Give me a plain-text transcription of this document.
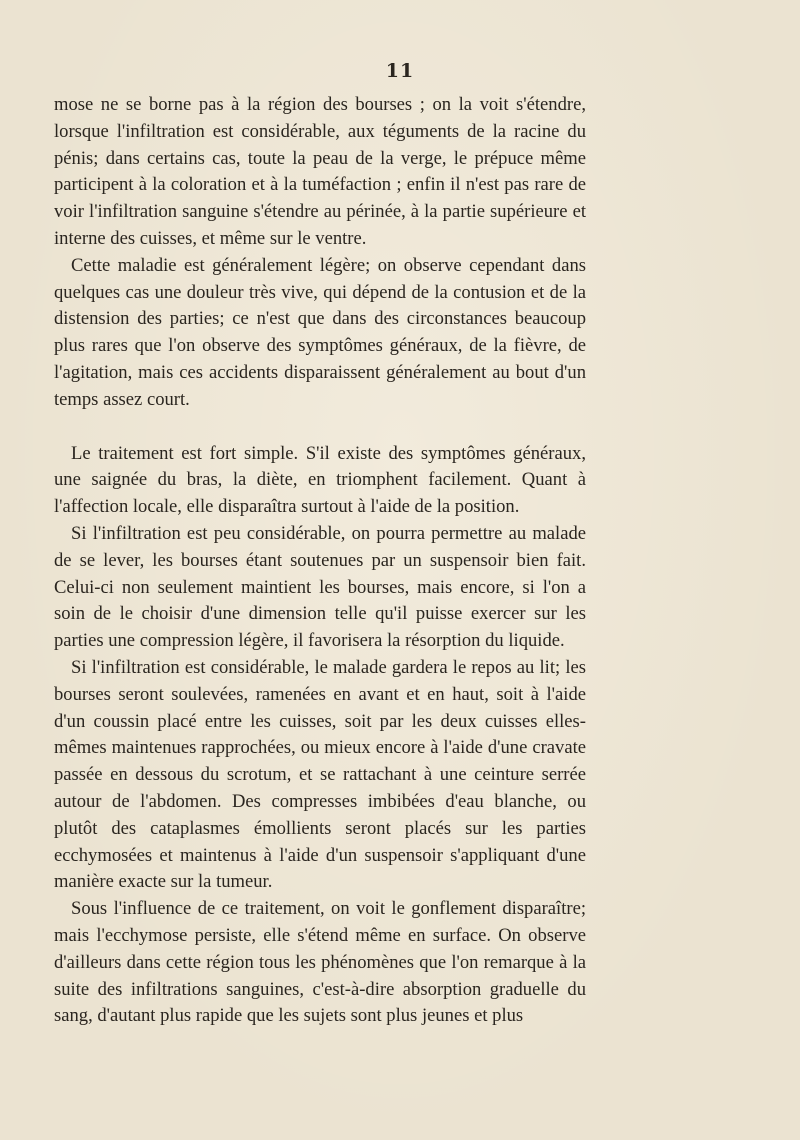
11

mose ne se borne pas à la région des bourses ; on la voit s'étendre, lorsque l'infiltration est considérable, aux téguments de la racine du pénis; dans certains cas, toute la peau de la verge, le prépuce même participent à la coloration et à la tuméfaction ; enfin il n'est pas rare de voir l'infiltration sanguine s'étendre au périnée, à la partie supérieure et interne des cuisses, et même sur le ventre.

Cette maladie est généralement légère; on observe cependant dans quelques cas une douleur très vive, qui dépend de la contusion et de la distension des parties; ce n'est que dans des circonstances beaucoup plus rares que l'on observe des symptômes généraux, de la fièvre, de l'agitation, mais ces accidents disparaissent généralement au bout d'un temps assez court.

Le traitement est fort simple. S'il existe des symptômes généraux, une saignée du bras, la diète, en triomphent facilement. Quant à l'affection locale, elle disparaîtra surtout à l'aide de la position.

Si l'infiltration est peu considérable, on pourra permettre au malade de se lever, les bourses étant soutenues par un suspensoir bien fait. Celui-ci non seulement maintient les bourses, mais encore, si l'on a soin de le choisir d'une dimension telle qu'il puisse exercer sur les parties une compression légère, il favorisera la résorption du liquide.

Si l'infiltration est considérable, le malade gardera le repos au lit; les bourses seront soulevées, ramenées en avant et en haut, soit à l'aide d'un coussin placé entre les cuisses, soit par les deux cuisses elles-mêmes maintenues rapprochées, ou mieux encore à l'aide d'une cravate passée en dessous du scrotum, et se rattachant à une ceinture serrée autour de l'abdomen. Des compresses imbibées d'eau blanche, ou plutôt des cataplasmes émollients seront placés sur les parties ecchymosées et maintenus à l'aide d'un suspensoir s'appliquant d'une manière exacte sur la tumeur.

Sous l'influence de ce traitement, on voit le gonflement disparaître; mais l'ecchymose persiste, elle s'étend même en surface. On observe d'ailleurs dans cette région tous les phénomènes que l'on remarque à la suite des infiltrations sanguines, c'est-à-dire absorption graduelle du sang, d'autant plus rapide que les sujets sont plus jeunes et plus
